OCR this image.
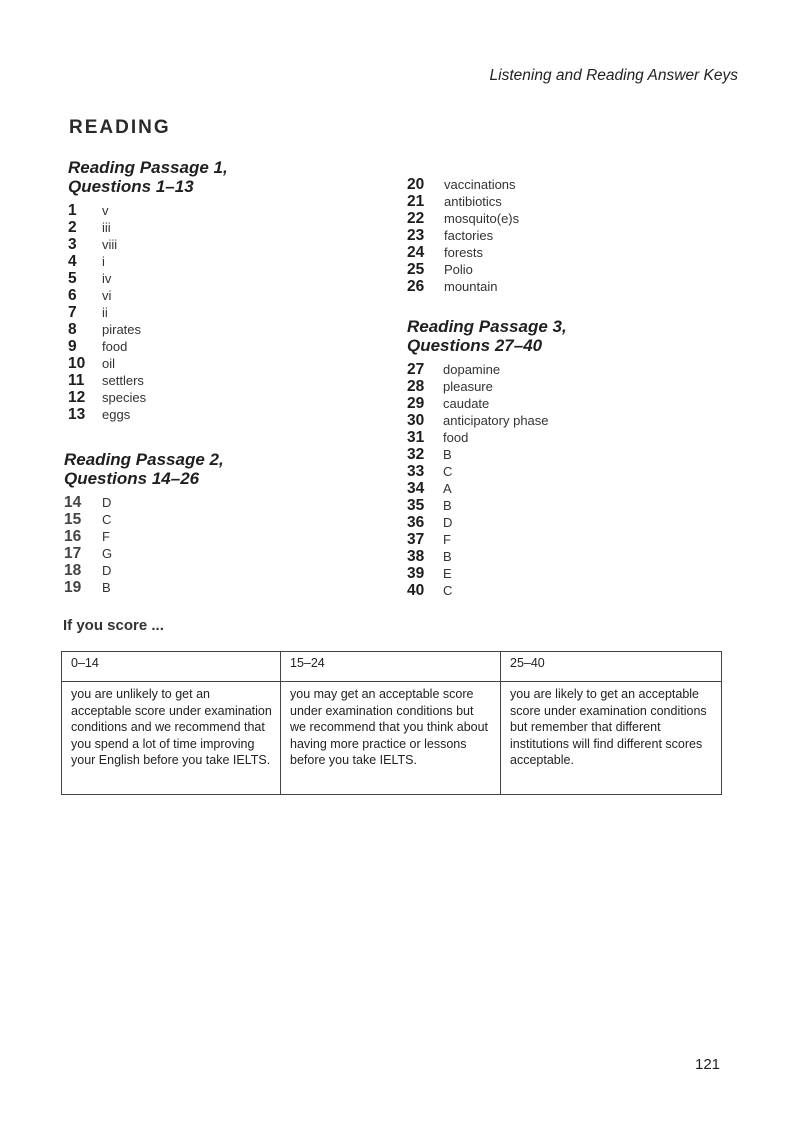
Listening and Reading Answer Keys
READING
Reading Passage 1,
Questions 1–13
1	v
2	iii
3	viii
4	i
5	iv
6	vi
7	ii
8	pirates
9	food
10	oil
11	settlers
12	species
13	eggs
Reading Passage 2,
Questions 14–26
14	D
15	C
16	F
17	G
18	D
19	B
20	vaccinations
21	antibiotics
22	mosquito(e)s
23	factories
24	forests
25	Polio
26	mountain
Reading Passage 3,
Questions 27–40
27	dopamine
28	pleasure
29	caudate
30	anticipatory phase
31	food
32	B
33	C
34	A
35	B
36	D
37	F
38	B
39	E
40	C
If you score ...
0–14	15–24	25–40
you are unlikely to get an acceptable score under examination conditions and we recommend that you spend a lot of time improving your English before you take IELTS.	you may get an acceptable score under examination conditions but we recommend that you think about having more practice or lessons before you take IELTS.	you are likely to get an acceptable score under examination conditions but remember that different institutions will find different scores acceptable.
121
